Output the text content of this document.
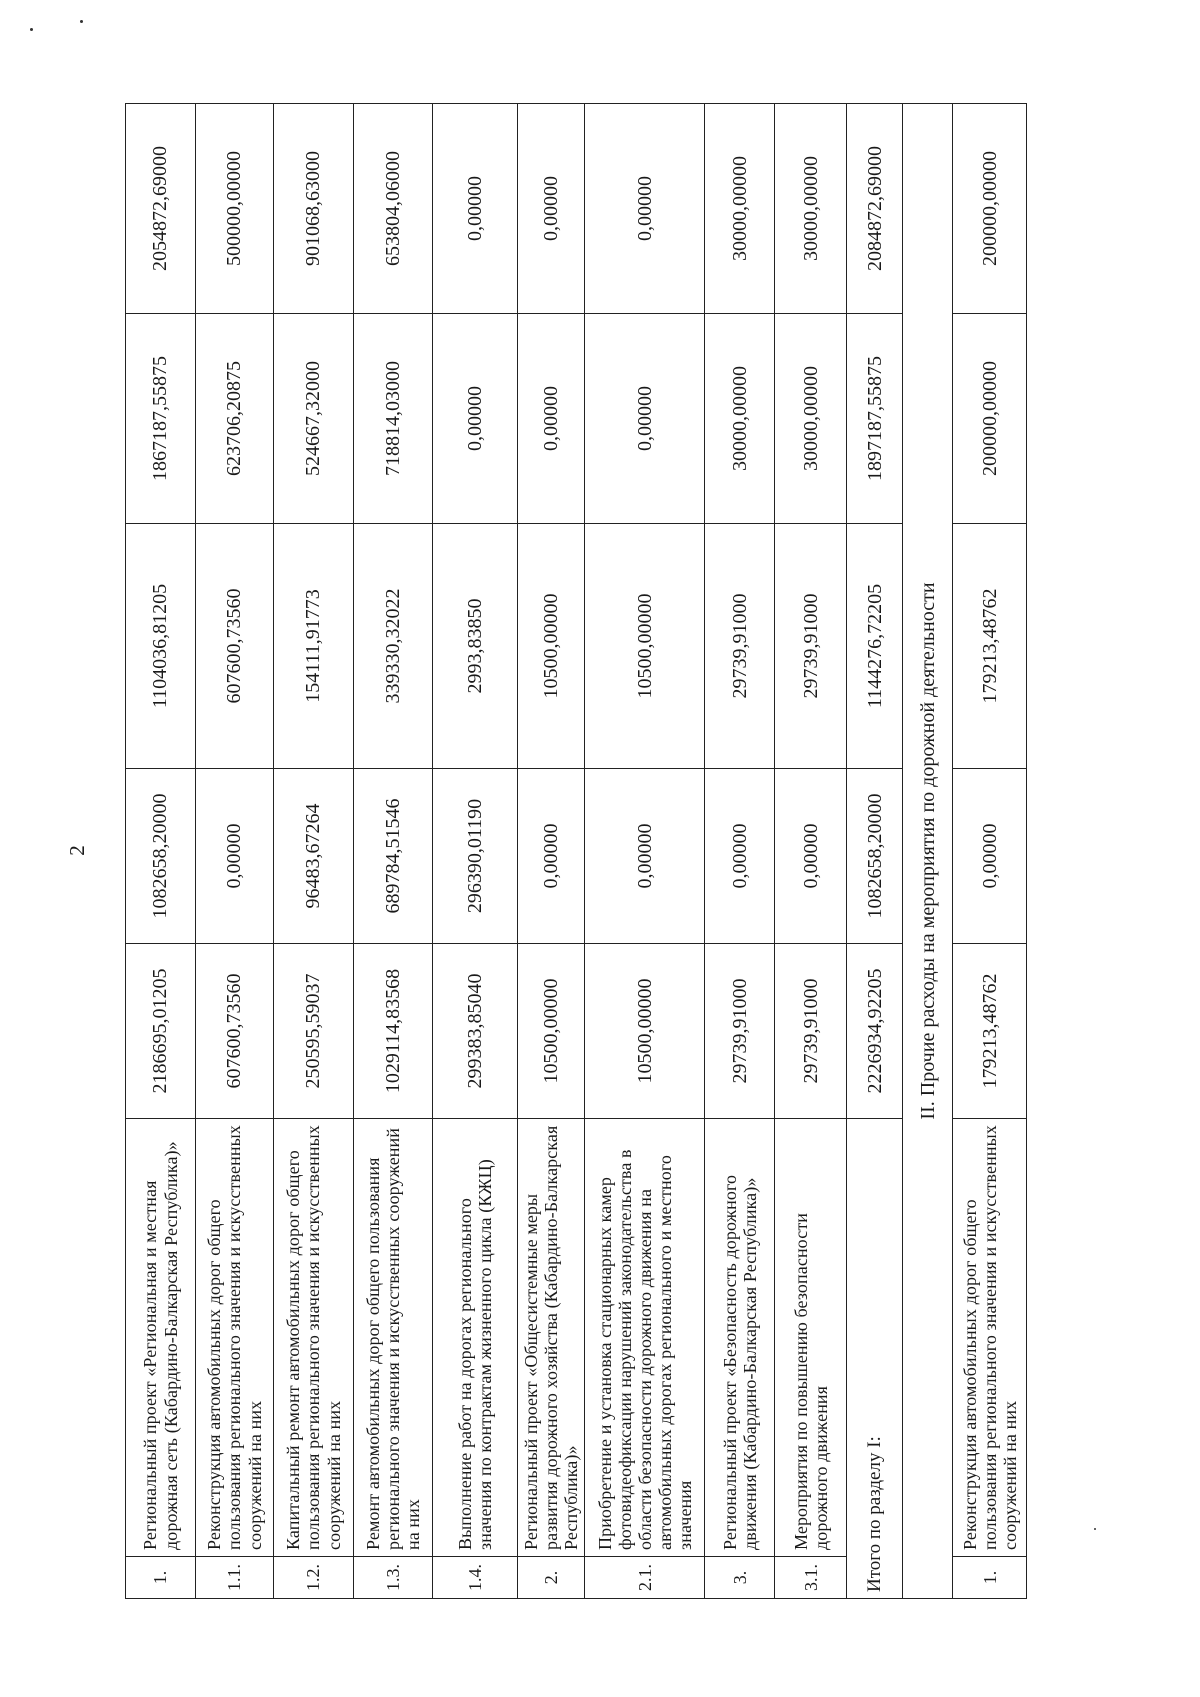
2
1.	Региональный проект «Региональная и местная дорожная сеть (Кабардино-Балкарская Республика)»	2186695,01205	1082658,20000	1104036,81205	1867187,55875	2054872,69000
1.1.	Реконструкция автомобильных дорог общего пользования регионального значения и искусственных сооружений на них	607600,73560	0,00000	607600,73560	623706,20875	500000,00000
1.2.	Капитальный ремонт автомобильных дорог общего пользования регионального значения и искусственных сооружений на них	250595,59037	96483,67264	154111,91773	524667,32000	901068,63000
1.3.	Ремонт автомобильных дорог общего пользования регионального значения и искусственных сооружений на них	1029114,83568	689784,51546	339330,32022	718814,03000	653804,06000
1.4.	Выполнение работ на дорогах регионального значения по контрактам жизненного цикла (КЖЦ)	299383,85040	296390,01190	2993,83850	0,00000	0,00000
2.	Региональный проект «Общесистемные меры развития дорожного хозяйства (Кабардино-Балкарская Республика)»	10500,00000	0,00000	10500,00000	0,00000	0,00000
2.1.	Приобретение и установка стационарных камер фотовидеофиксации нарушений законодательства в области безопасности дорожного движения на автомобильных дорогах регионального и местного значения	10500,00000	0,00000	10500,00000	0,00000	0,00000
3.	Региональный проект «Безопасность дорожного движения (Кабардино-Балкарская Республика)»	29739,91000	0,00000	29739,91000	30000,00000	30000,00000
3.1.	Мероприятия по повышению безопасности дорожного движения	29739,91000	0,00000	29739,91000	30000,00000	30000,00000
Итого по разделу I:		2226934,92205	1082658,20000	1144276,72205	1897187,55875	2084872,69000
II. Прочие расходы на мероприятия по дорожной деятельности						
1.	Реконструкция автомобильных дорог общего пользования регионального значения и искусственных сооружений на них	179213,48762	0,00000	179213,48762	200000,00000	200000,00000
